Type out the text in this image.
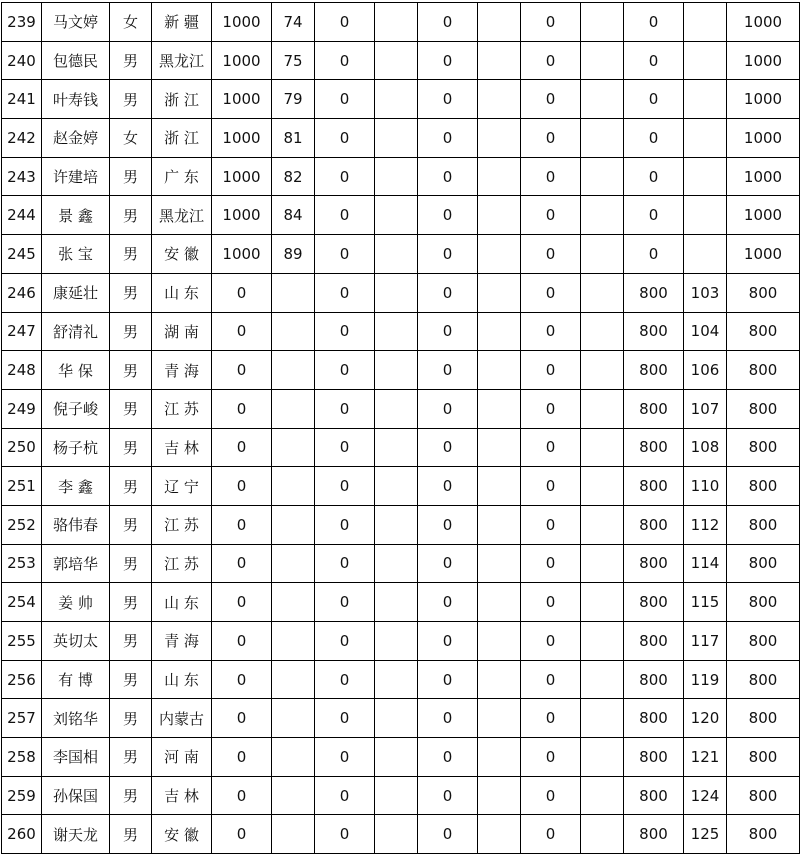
239	马文婷	女	新 疆	1000	74	0		0		0		0		1000
240	包德民	男	黑龙江	1000	75	0		0		0		0		1000
241	叶寿钱	男	浙 江	1000	79	0		0		0		0		1000
242	赵金婷	女	浙 江	1000	81	0		0		0		0		1000
243	许建培	男	广 东	1000	82	0		0		0		0		1000
244	景 鑫	男	黑龙江	1000	84	0		0		0		0		1000
245	张 宝	男	安 徽	1000	89	0		0		0		0		1000
246	康延壮	男	山 东	0		0		0		0		800	103	800
247	舒清礼	男	湖 南	0		0		0		0		800	104	800
248	华 保	男	青 海	0		0		0		0		800	106	800
249	倪子峻	男	江 苏	0		0		0		0		800	107	800
250	杨子杭	男	吉 林	0		0		0		0		800	108	800
251	李 鑫	男	辽 宁	0		0		0		0		800	110	800
252	骆伟春	男	江 苏	0		0		0		0		800	112	800
253	郭培华	男	江 苏	0		0		0		0		800	114	800
254	姜 帅	男	山 东	0		0		0		0		800	115	800
255	英切太	男	青 海	0		0		0		0		800	117	800
256	有 博	男	山 东	0		0		0		0		800	119	800
257	刘铭华	男	内蒙古	0		0		0		0		800	120	800
258	李国相	男	河 南	0		0		0		0		800	121	800
259	孙保国	男	吉 林	0		0		0		0		800	124	800
260	谢天龙	男	安 徽	0		0		0		0		800	125	800
